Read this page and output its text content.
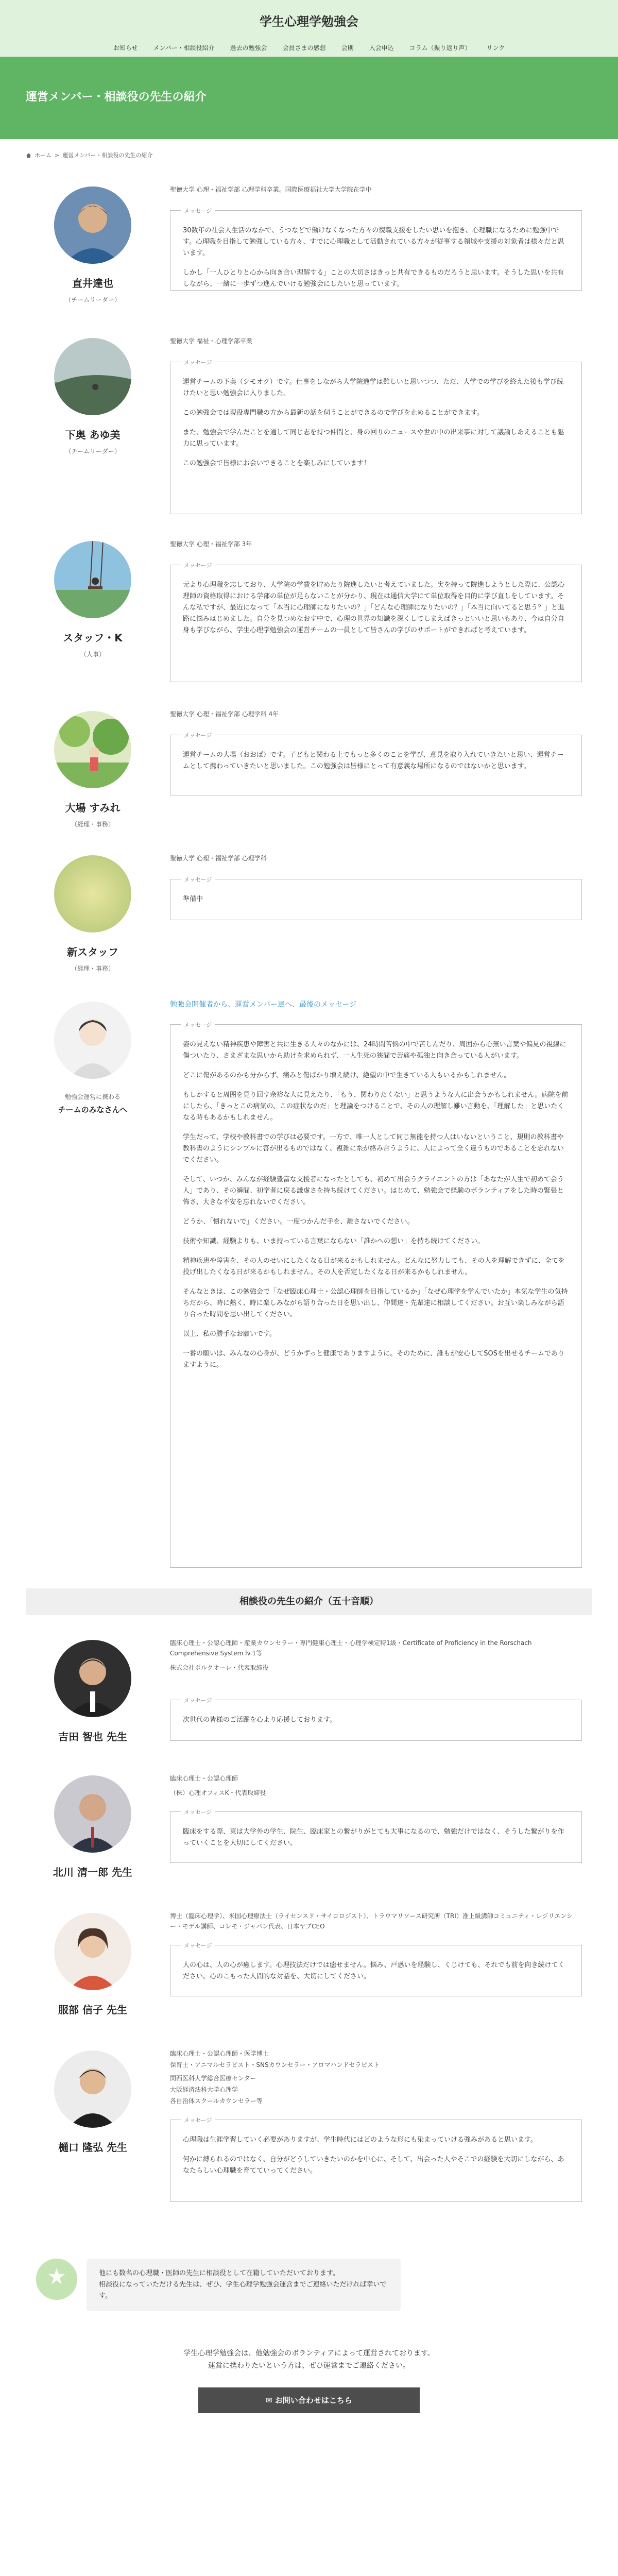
学生心理学勉強会
お知らせ	メンバー・相談役紹介	過去の勉強会	会員さまの感想	会則	入会申込	コラム（振り返り声）	リンク
運営メンバー・相談役の先生の紹介
ホーム > 運営メンバー・相談役の先生の紹介
直井達也
（チームリーダー）
聖徳大学 心理・福祉学部 心理学科卒業。国際医療福祉大学大学院在学中
メッセージ

30数年の社会人生活のなかで、うつなどで働けなくなった方々の復職支援をしたい思いを抱き、心理職になるために勉強中です。心理職を目指して勉強している方々、すでに心理職として活動されている方々が従事する領域や支援の対象者は様々だと思います。

しかし「一人ひとりと心から向き合い理解する」ことの大切さはきっと共有できるものだろうと思います。そうした思いを共有しながら、一緒に一歩ずつ進んでいける勉強会にしたいと思っています。

下奥 あゆ美
（チームリーダー）
聖徳大学 福祉・心理学部卒業
メッセージ

運営チームの下奥（シモオク）です。仕事をしながら大学院進学は難しいと思いつつ、ただ、大学での学びを終えた後も学び続けたいと思い勉強会に入りました。

この勉強会では現役専門職の方から最新の話を伺うことができるので学びを止めることができます。

また、勉強会で学んだことを通して同じ志を持つ仲間と、身の回りのニュースや世の中の出来事に対して議論しあえることも魅力に思っています。

この勉強会で皆様にお会いできることを楽しみにしています！

スタッフ・K
（人事）
聖徳大学 心理・福祉学部 3年
メッセージ

元より心理職を志しており、大学院の学費を貯めたり院進したいと考えていました。実を持って院進しようとした際に、公認心理師の資格取得における学部の単位が足らないことが分かり、現在は通信大学にて単位取得を目的に学び直しをしています。そんな私ですが、最近になって「本当に心理師になりたいの？」「どんな心理師になりたいの？」「本当に向いてると思う？」と進路に悩みはじめました。自分を見つめなおす中で、心理の世界の知識を深くしてしまえばきっといいと思いもあり、今は自分自身も学びながら、学生心理学勉強会の運営チームの一員として皆さんの学びのサポートができればと考えています。

大場 すみれ
（経理・事務）
聖徳大学 心理・福祉学部 心理学科 4年
メッセージ

運営チームの大場（おおば）です。子どもと関わる上でもっと多くのことを学び、意見を取り入れていきたいと思い、運営チームとして携わっていきたいと思いました。この勉強会は皆様にとって有意義な場所になるのではないかと思います。

新スタッフ
（経理・事務）
聖徳大学 心理・福祉学部 心理学科
メッセージ

準備中

勉強会運営に携わる
チームのみなさんへ
勉強会開催者から、運営メンバー達へ、最後のメッセージ
メッセージ

姿の見えない精神疾患や障害と共に生きる人々のなかには、24時間苦悩の中で苦しんだり、周囲から心無い言葉や偏見の視線に傷ついたり、さまざまな思いから助けを求められず、一人生死の狭間で苦痛や孤独と向き合っている人がいます。

どこに傷があるのかも分からず、痛みと傷ばかり増え続け、絶望の中で生きている人もいるかもしれません。

もしかすると周囲を見り回す余裕な人に見えたり、「もう、関わりたくない」と思うような人に出会うかもしれません。病院を前にしたら、「きっとこの病気の、この症状なのだ」と理論をつけることで、その人の理解し難い言動を、「理解した」と思いたくなる時もあるかもしれません。

学生だって、学校や教科書での学びは必要です。一方で、唯一人として同じ無能を持つ人はいないということ、規則の教科書や教科書のようにシンプルに答が出るものではなく、複雑に糸が絡み合うように、人によって全く違うものであることを忘れないでください。

そして、いつか、みんなが経験豊富な支援者になったとしても、初めて出会うクライエントの方は「あなたが人生で初めて会う人」であり、その瞬間、初学者に戻る謙虚さを持ち続けてください。はじめて、勉強会で経験のボランティアをした時の緊張と怖さ、大きな不安を忘れないでください。

どうか、「慣れないで」ください。一度つかんだ手を、離さないでください。

技術や知識、経験よりも、いま持っている言葉にならない「誰かへの想い」を持ち続けてください。

精神疾患や障害を、その人のせいにしたくなる日が来るかもしれません。どんなに努力しても、その人を理解できずに、全てを投げ出したくなる日が来るかもしれません。その人を否定したくなる日が来るかもしれません。

そんなときは、この勉強会で「なぜ臨床心理士・公認心理師を目指しているか」「なぜ心理学を学んでいたか」本気な学生の気持ちだから、時に熱く、時に楽しみながら語り合った日を思い出し、仲間達・先輩達に相談してください。お互い楽しみながら語り合った時間を思い出してください。

以上、私の勝手なお願いです。

一番の願いは、みんなの心身が、どうかずっと健康でありますように。そのために、誰もが安心してSOSを出せるチームでありますように。

相談役の先生の紹介（五十音順）
吉田 智也 先生
臨床心理士・公認心理師・産業カウンセラー・専門健康心理士・心理学検定特1級・Certificate of Proficiency in the Rorschach Comprehensive System lv.1等
株式会社ポルクオーレ・代表取締役
メッセージ

次世代の皆様のご活躍を心より応援しております。

北川 清一郎 先生
臨床心理士・公認心理師
（株）心理オフィスK・代表取締役
メッセージ

臨床をする際、東は大学外の学生、院生、臨床家との繋がりがとても大事になるので、勉強だけではなく、そうした繋がりを作っていくことを大切にしてください。

服部 信子 先生
博士（臨床心理学）、米国心理療法士（ライセンスド・サイコロジスト）、トラウマリソース研究所（TRI）准上級講師コミュニティ・レジリエンシー・モデル講師、コレモ・ジャパン代表、日本ヤブCEO
メッセージ

人の心は、人の心が癒します。心理技法だけでは癒せません。悩み、戸惑いを経験し、くじけても、それでも前を向き続けてください。心のこもった人間的な対話を、大切にしてください。

樋口 隆弘 先生
臨床心理士・公認心理師・医学博士
保育士・アニマルセラピスト・SNSカウンセラー・アロマハンドセラピスト
関西医科大学総合医療センター
大阪経済法科大学心理学
各自治体スクールカウンセラー等
メッセージ

心理職は生涯学習していく必要がありますが、学生時代にはどのような形にも染まっていける強みがあると思います。

何かに縛られるのではなく、自分がどうしていきたいのかを中心に、そして、出会った人やそこでの経験を大切にしながら、あなたらしい心理職を育てていってください。

他にも数名の心理職・医師の先生に相談役として在籍していただいております。
相談役になっていただける先生は、ぜひ、学生心理学勉強会運営までご連絡いただければ幸いです。
学生心理学勉強会は、他勉強会のボランティアによって運営されております。
運営に携わりたいという方は、ぜひ運営までご連絡ください。
✉ お問い合わせはこちら
